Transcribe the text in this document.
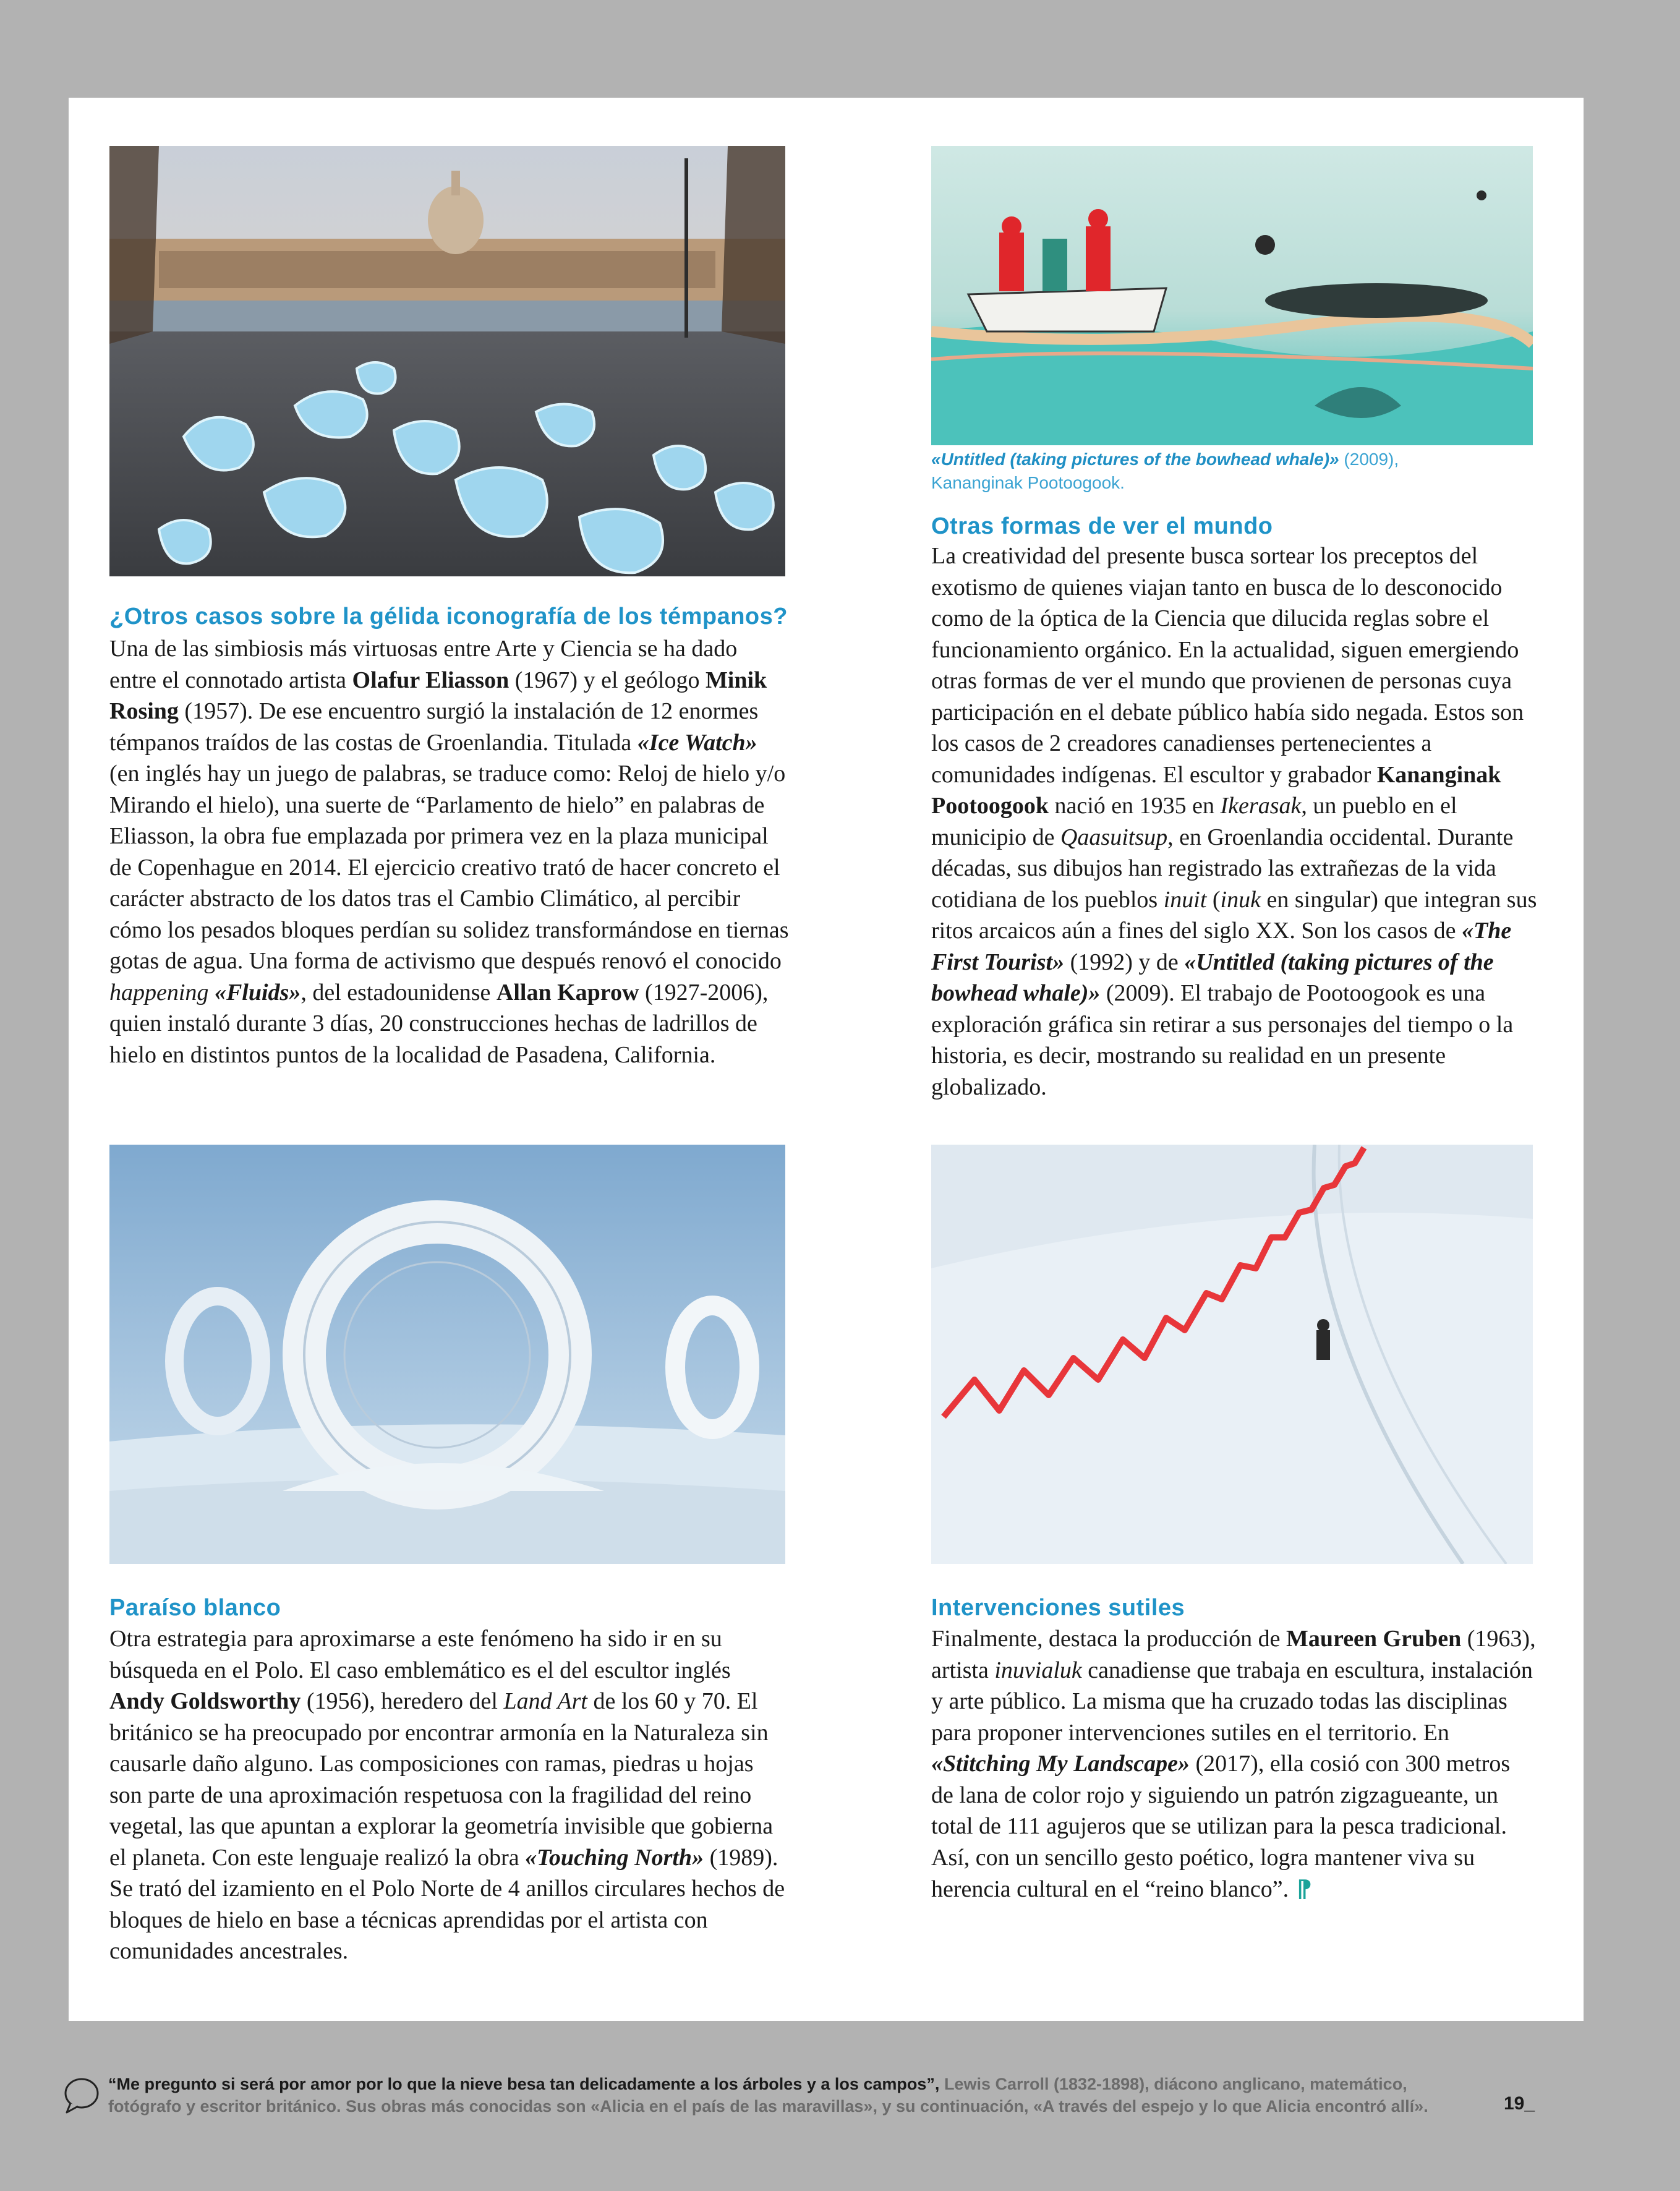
¿Otros casos sobre la gélida iconografía de los témpanos?

Una de las simbiosis más virtuosas entre Arte y Ciencia se ha dado entre el connotado artista Olafur Eliasson (1967) y el geólogo Minik Rosing (1957). De ese encuentro surgió la instalación de 12 enormes témpanos traídos de las costas de Groenlandia. Titulada «Ice Watch» (en inglés hay un juego de palabras, se traduce como: Reloj de hielo y/o Mirando el hielo), una suerte de “Parlamento de hielo” en palabras de Eliasson, la obra fue emplazada por primera vez en la plaza municipal de Copenhague en 2014. El ejercicio creativo trató de hacer concreto el carácter abstracto de los datos tras el Cambio Climático, al percibir cómo los pesados bloques perdían su solidez transformándose en tiernas gotas de agua. Una forma de activismo que después renovó el conocido happening «Fluids», del estadounidense Allan Kaprow (1927-2006), quien instaló durante 3 días, 20 construcciones hechas de ladrillos de hielo en distintos puntos de la localidad de Pasadena, California.

«Untitled (taking pictures of the bowhead whale)» (2009),
Kananginak Pootoogook.

Otras formas de ver el mundo

La creatividad del presente busca sortear los preceptos del exotismo de quienes viajan tanto en busca de lo desconocido como de la óptica de la Ciencia que dilucida reglas sobre el funcionamiento orgánico. En la actualidad, siguen emergiendo otras formas de ver el mundo que provienen de personas cuya participación en el debate público había sido negada. Estos son los casos de 2 creadores canadienses pertenecientes a comunidades indígenas. El escultor y grabador Kananginak Pootoogook nació en 1935 en Ikerasak, un pueblo en el municipio de Qaasuitsup, en Groenlandia occidental. Durante décadas, sus dibujos han registrado las extrañezas de la vida cotidiana de los pueblos inuit (inuk en singular) que integran sus ritos arcaicos aún a fines del siglo XX. Son los casos de «The First Tourist» (1992) y de «Untitled (taking pictures of the bowhead whale)» (2009). El trabajo de Pootoogook es una exploración gráfica sin retirar a sus personajes del tiempo o la historia, es decir, mostrando su realidad en un presente globalizado.

Paraíso blanco

Otra estrategia para aproximarse a este fenómeno ha sido ir en su búsqueda en el Polo. El caso emblemático es el del escultor inglés Andy Goldsworthy (1956), heredero del Land Art de los 60 y 70. El británico se ha preocupado por encontrar armonía en la Naturaleza sin causarle daño alguno. Las composiciones con ramas, piedras u hojas son parte de una aproximación respetuosa con la fragilidad del reino vegetal, las que apuntan a explorar la geometría invisible que gobierna el planeta. Con este lenguaje realizó la obra «Touching North» (1989). Se trató del izamiento en el Polo Norte de 4 anillos circulares hechos de bloques de hielo en base a técnicas aprendidas por el artista con comunidades ancestrales.

Intervenciones sutiles

Finalmente, destaca la producción de Maureen Gruben (1963), artista inuvialuk canadiense que trabaja en escultura, instalación y arte público. La misma que ha cruzado todas las disciplinas para proponer intervenciones sutiles en el territorio. En «Stitching My Landscape» (2017), ella cosió con 300 metros de lana de color rojo y siguiendo un patrón zigzagueante, un total de 111 agujeros que se utilizan para la pesca tradicional. Así, con un sencillo gesto poético, logra mantener viva su herencia cultural en el “reino blanco”. ⁋

“Me pregunto si será por amor por lo que la nieve besa tan delicadamente a los árboles y a los campos”, Lewis Carroll (1832-1898), diácono anglicano, matemático, fotógrafo y escritor británico. Sus obras más conocidas son «Alicia en el país de las maravillas», y su continuación, «A través del espejo y lo que Alicia encontró allí».	19_
